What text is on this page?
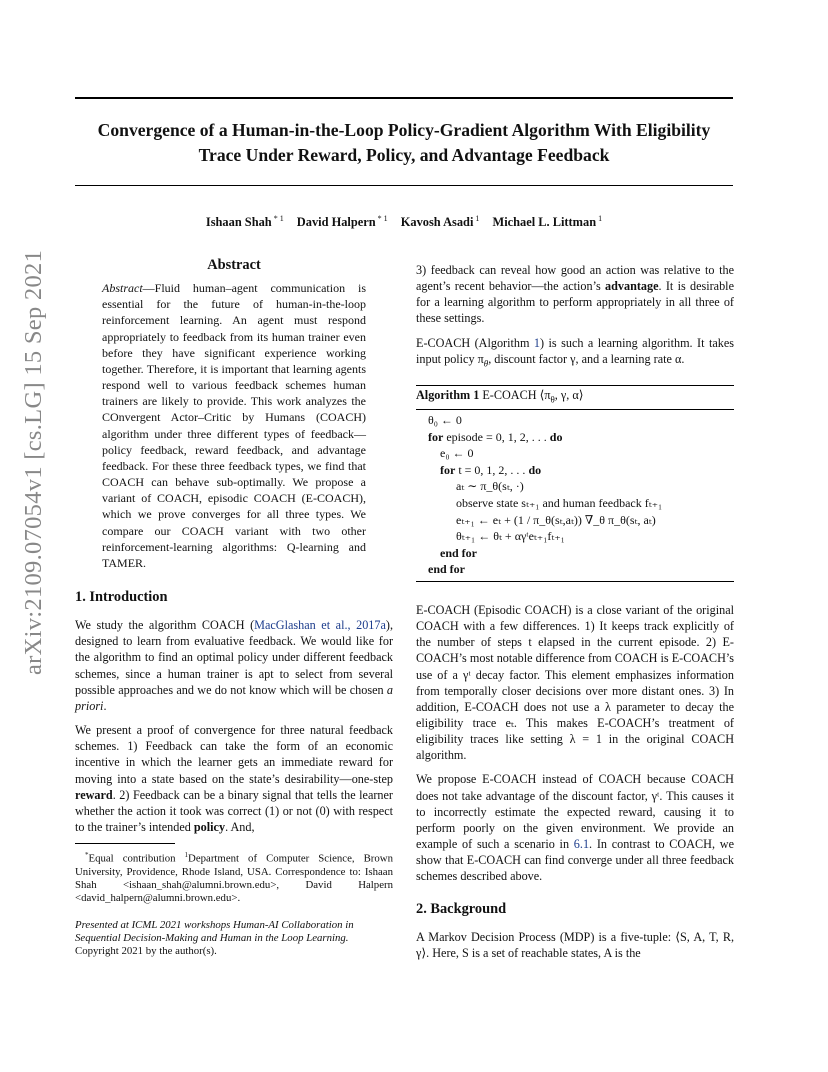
Convergence of a Human-in-the-Loop Policy-Gradient Algorithm With Eligibility Trace Under Reward, Policy, and Advantage Feedback
Ishaan Shah $^{* 1}$ David Halpern $^{* 1}$ Kavosh Asadi $^1$ Michael L. Littman $^1$
arXiv:2109.07054v1 [cs.LG] 15 Sep 2021	Abstract
Abstract—Fluid human–agent communication is essential for the future of human-in-the-loop reinforcement learning. An agent must respond appropriately to feedback from its human trainer even before they have significant experience working together. Therefore, it is important that learning agents respond well to various feedback schemes human trainers are likely to provide. This work analyzes the COnvergent Actor–Critic by Humans (COACH) algorithm under three different types of feedback—policy feedback, reward feedback, and advantage feedback. For these three feedback types, we find that COACH can behave sub-optimally. We propose a variant of COACH, episodic COACH (E-COACH), which we prove converges for all three types. We compare our COACH variant with two other reinforcement-learning algorithms: Q-learning and TAMER.
1. Introduction

We study the algorithm COACH (MacGlashan et al., 2017a), designed to learn from evaluative feedback. We would like for the algorithm to find an optimal policy under different feedback schemes, since a human trainer is apt to select from several possible approaches and we do not know which will be chosen a priori.

We present a proof of convergence for three natural feedback schemes. 1) Feedback can take the form of an economic incentive in which the learner gets an immediate reward for moving into a state based on the state’s desirability—one-step reward. 2) Feedback can be a binary signal that tells the learner whether the action it took was correct (1) or not (0) with respect to the trainer’s intended policy. And,

*Equal contribution $^1$Department of Computer Science, Brown University, Providence, Rhode Island, USA. Correspondence to: Ishaan Shah <ishaan_shah@alumni.brown.edu>, David Halpern <david_halpern@alumni.brown.edu>.
Presented at ICML 2021 workshops Human-AI Collaboration in Sequential Decision-Making and Human in the Loop Learning. Copyright 2021 by the author(s).

3) feedback can reveal how good an action was relative to the agent’s recent behavior—the action’s advantage. It is desirable for a learning algorithm to perform appropriately in all three of these settings.

E-COACH (Algorithm 1) is such a learning algorithm. It takes input policy $\pi_\theta$, discount factor γ, and a learning rate α.

Algorithm 1 E-COACH $⟨\pi_\theta$, γ, α⟩
θ₀ ← 0
for episode = 0, 1, 2, . . . do
e₀ ← 0
for t = 0, 1, 2, . . . do
aₜ ∼ π_θ(sₜ, ·)
observe state sₜ₊₁ and human feedback fₜ₊₁
eₜ₊₁ ← eₜ + (1 / π_θ(sₜ,aₜ)) ∇_θ π_θ(sₜ, aₜ)
θₜ₊₁ ← θₜ + αγᵗeₜ₊₁fₜ₊₁
end for
end for

E-COACH (Episodic COACH) is a close variant of the original COACH with a few differences. 1) It keeps track explicitly of the number of steps t elapsed in the current episode. 2) E-COACH’s most notable difference from COACH is E-COACH’s use of a γᵗ decay factor. This element emphasizes information from temporally closer decisions over more distant ones. 3) In addition, E-COACH does not use a λ parameter to decay the eligibility trace eₜ. This makes E-COACH’s treatment of eligibility traces like setting λ = 1 in the original COACH algorithm.

We propose E-COACH instead of COACH because COACH does not take advantage of the discount factor, γᵗ. This causes it to incorrectly estimate the expected reward, causing it to perform poorly on the given environment. We provide an example of such a scenario in 6.1. In contrast to COACH, we show that E-COACH can find converge under all three feedback schemes described above.

2. Background

A Markov Decision Process (MDP) is a five-tuple: ⟨S, A, T, R, γ⟩. Here, S is a set of reachable states, A is the
